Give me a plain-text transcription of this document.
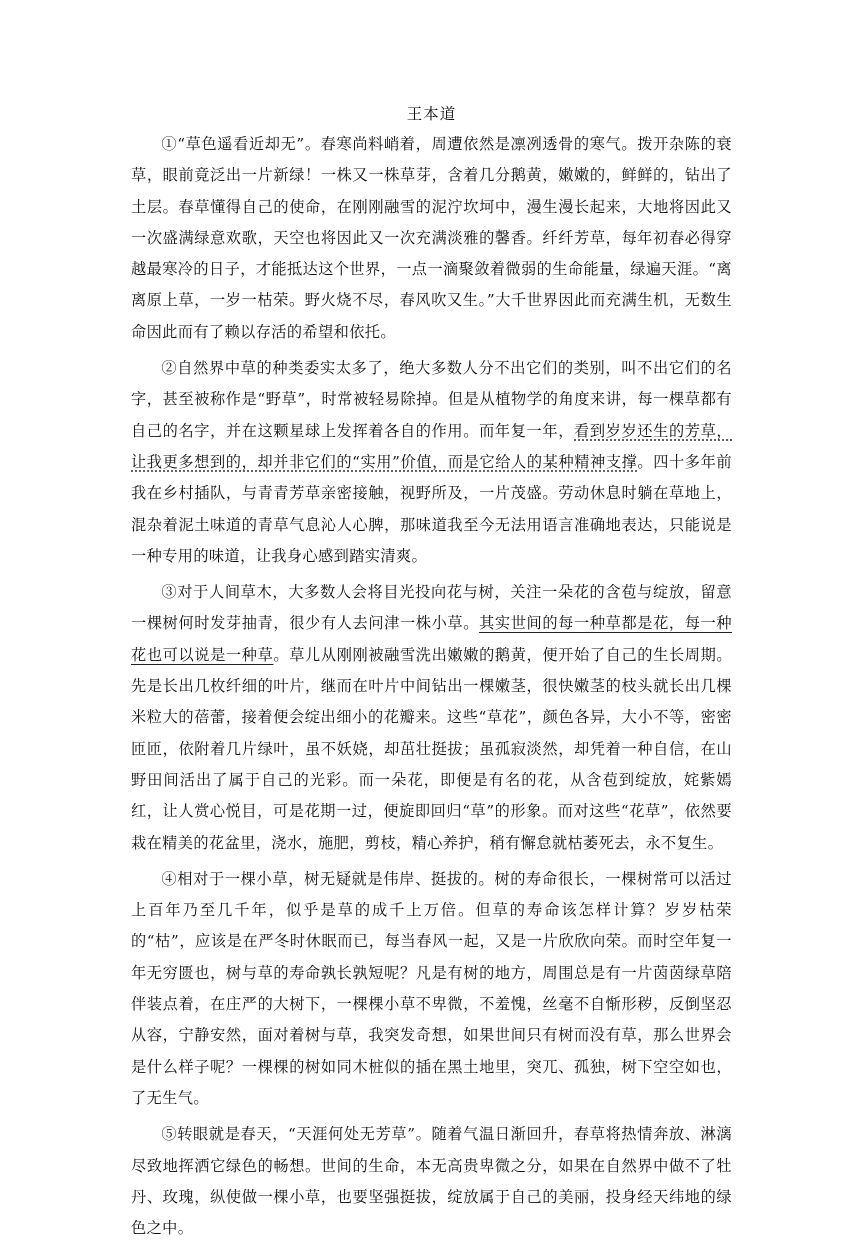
王本道

①“草色遥看近却无”。春寒尚料峭着，周遭依然是凛冽透骨的寒气。拨开杂陈的衰草，眼前竟泛出一片新绿！一株又一株草芽，含着几分鹅黄，嫩嫩的，鲜鲜的，钻出了土层。春草懂得自己的使命，在刚刚融雪的泥泞坎坷中，漫生漫长起来，大地将因此又一次盛满绿意欢歌，天空也将因此又一次充满淡雅的馨香。纤纤芳草，每年初春必得穿越最寒冷的日子，才能抵达这个世界，一点一滴聚敛着微弱的生命能量，绿遍天涯。“离离原上草，一岁一枯荣。野火烧不尽，春风吹又生。”大千世界因此而充满生机，无数生命因此而有了赖以存活的希望和依托。

②自然界中草的种类委实太多了，绝大多数人分不出它们的类别，叫不出它们的名字，甚至被称作是“野草”，时常被轻易除掉。但是从植物学的角度来讲，每一棵草都有自己的名字，并在这颗星球上发挥着各自的作用。而年复一年，看到岁岁还生的芳草，让我更多想到的，却并非它们的“实用”价值，而是它给人的某种精神支撑。四十多年前我在乡村插队，与青青芳草亲密接触，视野所及，一片茂盛。劳动休息时躺在草地上，混杂着泥土味道的青草气息沁人心脾，那味道我至今无法用语言准确地表达，只能说是一种专用的味道，让我身心感到踏实清爽。

③对于人间草木，大多数人会将目光投向花与树，关注一朵花的含苞与绽放，留意一棵树何时发芽抽青，很少有人去问津一株小草。其实世间的每一种草都是花，每一种花也可以说是一种草。草儿从刚刚被融雪洗出嫩嫩的鹅黄，便开始了自己的生长周期。先是长出几枚纤细的叶片，继而在叶片中间钻出一棵嫩茎，很快嫩茎的枝头就长出几棵米粒大的蓓蕾，接着便会绽出细小的花瓣来。这些“草花”，颜色各异，大小不等，密密匝匝，依附着几片绿叶，虽不妖娆，却茁壮挺拔；虽孤寂淡然，却凭着一种自信，在山野田间活出了属于自己的光彩。而一朵花，即便是有名的花，从含苞到绽放，姹紫嫣红，让人赏心悦目，可是花期一过，便旋即回归“草”的形象。而对这些“花草”，依然要栽在精美的花盆里，浇水，施肥，剪枝，精心养护，稍有懈怠就枯萎死去，永不复生。

④相对于一棵小草，树无疑就是伟岸、挺拔的。树的寿命很长，一棵树常可以活过上百年乃至几千年，似乎是草的成千上万倍。但草的寿命该怎样计算？岁岁枯荣的“枯”，应该是在严冬时休眠而已，每当春风一起，又是一片欣欣向荣。而时空年复一年无穷匮也，树与草的寿命孰长孰短呢？凡是有树的地方，周围总是有一片茵茵绿草陪伴装点着，在庄严的大树下，一棵棵小草不卑微，不羞愧，丝毫不自惭形秽，反倒坚忍从容，宁静安然，面对着树与草，我突发奇想，如果世间只有树而没有草，那么世界会是什么样子呢？一棵棵的树如同木桩似的插在黑土地里，突兀、孤独，树下空空如也，了无生气。

⑤转眼就是春天，“天涯何处无芳草”。随着气温日渐回升，春草将热情奔放、淋漓尽致地挥洒它绿色的畅想。世间的生命，本无高贵卑微之分，如果在自然界中做不了牡丹、玫瑰，纵使做一棵小草，也要坚强挺拔，绽放属于自己的美丽，投身经天纬地的绿色之中。
